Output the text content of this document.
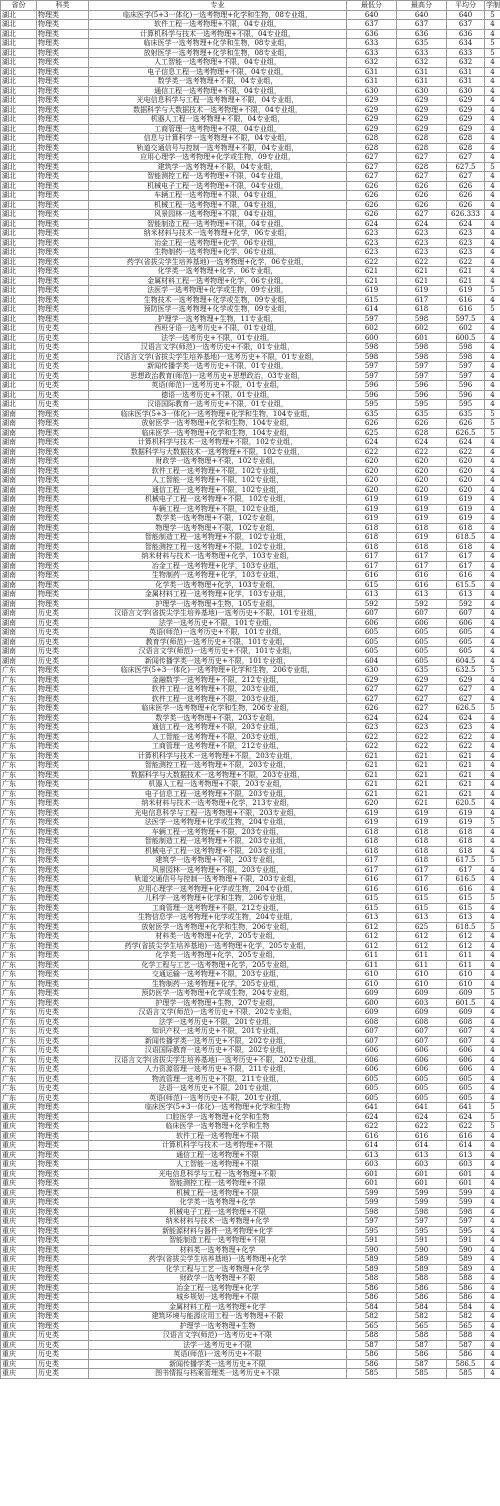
省份	科类	专业	最低分	最高分	平均分	学制
湖北	物理类	临床医学(5+3一体化)一选考物理+化学和生物，08专业组，	640	640	640	5
湖北	物理类	软件工程一选考物理+不限，04专业组，	637	637	637	4
湖北	物理类	计算机科学与技术一选考物理+不限，04专业组，	636	636	636	4
湖北	物理类	临床医学一选考物理+化学和生物，08专业组，	633	635	634	5
湖北	物理类	放射医学一选考物理+化学和生物，08专业组，	633	633	633	5
湖北	物理类	人工智能一选考物理+不限，04专业组，	632	632	632	4
湖北	物理类	电子信息工程一选考物理+不限，04专业组，	631	631	631	4
湖北	物理类	数学类一选考物理+不限，04专业组，	631	631	631	4
湖北	物理类	通信工程一选考物理+不限，04专业组，	630	630	630	4
湖北	物理类	光电信息科学与工程一选考物理+不限，04专业组，	629	629	629	4
湖北	物理类	数据科学与大数据技术一选考物理+不限，04专业组，	629	629	629	4
湖北	物理类	机器人工程一选考物理+不限，04专业组，	629	629	629	4
湖北	物理类	工商管理一选考物理+不限，04专业组，	629	629	629	4
湖北	物理类	信息与计算科学一选考物理+不限，04专业组，	628	628	628	4
湖北	物理类	轨道交通信号与控制一选考物理+不限，04专业组，	628	628	628	4
湖北	物理类	应用心理学一选考物理+化学或生物，09专业组，	627	627	627	4
湖北	物理类	建筑学一选考物理+不限，04专业组，	627	628	627.5	5
湖北	物理类	智能测控工程一选考物理+不限，04专业组，	627	627	627	4
湖北	物理类	机械电子工程一选考物理+不限，04专业组，	626	626	626	4
湖北	物理类	车辆工程一选考物理+不限，04专业组，	626	626	626	4
湖北	物理类	机械工程一选考物理+不限，04专业组，	626	626	626	4
湖北	物理类	风景园林一选考物理+不限，04专业组，	626	627	626.333	4
湖北	物理类	智能制造工程一选考物理+不限，04专业组，	624	624	624	4
湖北	物理类	纳米材料与技术一选考物理+化学，06专业组，	623	623	623	4
湖北	物理类	冶金工程一选考物理+化学，06专业组，	623	623	623	4
湖北	物理类	生物制药一选考物理+化学，06专业组，	623	623	623	4
湖北	物理类	药学(省拔尖学生培养基地)一选考物理+化学，06专业组，	622	622	622	4
湖北	物理类	化学类一选考物理+化学，06专业组，	621	621	621	4
湖北	物理类	金属材料工程一选考物理+化学，06专业组，	621	621	621	4
湖北	物理类	法医学一选考物理+化学或生物，09专业组，	619	619	619	5
湖北	物理类	生物技术一选考物理+化学或生物，09专业组，	615	617	616	4
湖北	物理类	预防医学一选考物理+化学或生物，09专业组，	614	618	616	5
湖北	物理类	护理学一选考物理+生物，11专业组，	597	598	597.5	4
湖北	历史类	西班牙语一选考历史+不限，01专业组，	602	602	602	4
湖北	历史类	法学一选考历史+不限，01专业组，	600	601	600.5	4
湖北	历史类	汉语言文学(师范)一选考历史+不限，01专业组，	598	598	598	4
湖北	历史类	汉语言文学(省拔尖学生培养基地)一选考历史+不限，01专业组，	598	598	598	4
湖北	历史类	新闻传播学类一选考历史+不限，01专业组，	597	597	597	4
湖北	历史类	思想政治教育(师范)一选考历史+思想政治，03专业组，	597	597	597	4
湖北	历史类	英语(师范)一选考历史+不限，01专业组，	596	596	596	4
湖北	历史类	德语一选考历史+不限，01专业组，	596	596	596	4
湖北	历史类	汉语国际教育一选考历史+不限，01专业组，	595	595	595	4
湖南	物理类	临床医学(5+3一体化)一选考物理+化学和生物，104专业组，	635	635	635	5
湖南	物理类	放射医学一选考物理+化学和生物，104专业组，	626	626	626	5
湖南	物理类	临床医学一选考物理+化学和生物，104专业组，	625	628	626.5	5
湖南	物理类	计算机科学与技术一选考物理+不限，102专业组，	624	624	624	4
湖南	物理类	数据科学与大数据技术一选考物理+不限，102专业组，	622	622	622	4
湖南	物理类	财政学一选考物理+不限，102专业组，	620	620	620	4
湖南	物理类	软件工程一选考物理+不限，102专业组，	620	620	620	4
湖南	物理类	人工智能一选考物理+不限，102专业组，	620	620	620	4
湖南	物理类	通信工程一选考物理+不限，102专业组，	620	620	620	4
湖南	物理类	机械电子工程一选考物理+不限，102专业组，	619	619	619	4
湖南	物理类	车辆工程一选考物理+不限，102专业组，	619	619	619	4
湖南	物理类	数学类一选考物理+不限，102专业组，	619	619	619	4
湖南	物理类	物理学一选考物理+不限，102专业组，	618	618	618	4
湖南	物理类	智能制造工程一选考物理+不限，102专业组，	618	619	618.5	4
湖南	物理类	智能测控工程一选考物理+不限，102专业组，	618	618	618	4
湖南	物理类	纳米材料与技术一选考物理+化学，103专业组，	617	617	617	4
湖南	物理类	冶金工程一选考物理+化学，103专业组，	617	617	617	4
湖南	物理类	生物制药一选考物理+化学，103专业组，	616	616	616	4
湖南	物理类	化学类一选考物理+化学，103专业组，	615	616	615.5	4
湖南	物理类	金属材料工程一选考物理+化学，103专业组，	613	613	613	4
湖南	物理类	护理学一选考物理+生物，105专业组，	592	592	592	4
湖南	历史类	汉语言文学(省拔尖学生培养基地)一选考历史+不限，101专业组，	607	607	607	4
湖南	历史类	法学一选考历史+不限，101专业组，	606	606	606	4
湖南	历史类	英语(师范)一选考历史+不限，101专业组，	605	605	605	4
湖南	历史类	教育学(师范)一选考历史+不限，101专业组，	605	605	605	4
湖南	历史类	汉语言文学(师范)一选考历史+不限，101专业组，	605	605	605	4
湖南	历史类	新闻传播学类一选考历史+不限，101专业组，	604	605	604.5	4
广东	物理类	临床医学(5+3一体化)一选考物理+化学和生物，206专业组，	630	635	632.5	5
广东	物理类	金融数学一选考物理+不限，212专业组，	629	629	629	4
广东	物理类	软件工程一选考物理+不限，203专业组，	627	627	627	4
广东	物理类	软件工程一选考物理+不限，203专业组，	627	627	627	4
广东	物理类	临床医学一选考物理+化学和生物，206专业组，	626	627	626.5	5
广东	物理类	数学类一选考物理+不限，203专业组，	624	624	624	4
广东	物理类	通信工程一选考物理+不限，203专业组，	623	623	623	4
广东	物理类	人工智能一选考物理+不限，203专业组，	622	622	622	4
广东	物理类	工商管理一选考物理+不限，212专业组，	622	622	622	4
广东	物理类	计算机科学与技术一选考物理+不限，203专业组，	621	621	621	4
广东	物理类	智能测控工程一选考物理+不限，203专业组，	621	621	621	4
广东	物理类	数据科学与大数据技术一选考物理+不限，203专业组，	621	621	621	4
广东	物理类	机器人工程一选考物理+不限，203专业组，	621	621	621	4
广东	物理类	电子信息工程一选考物理+不限，203专业组，	621	621	621	4
广东	物理类	纳米材料与技术一选考物理+化学，213专业组，	620	621	620.5	4
广东	物理类	光电信息科学与工程一选考物理+不限，203专业组，	619	619	619	4
广东	物理类	法医学一选考物理+化学或生物，204专业组，	619	619	619	5
广东	物理类	车辆工程一选考物理+不限，203专业组，	618	618	618	4
广东	物理类	智能制造工程一选考物理+不限，203专业组，	618	618	618	4
广东	物理类	机械电子工程一选考物理+不限，203专业组，	618	618	618	4
广东	物理类	建筑学一选考物理+不限，203专业组，	617	618	617.5	5
广东	物理类	风景园林一选考物理+不限，203专业组，	617	617	617	4
广东	物理类	轨道交通信号与控制一选考物理+不限，203专业组，	616	617	616.5	4
广东	物理类	应用心理学一选考物理+化学或生物，204专业组，	616	616	616	4
广东	物理类	儿科学一选考物理+化学和生物，206专业组，	615	615	615	5
广东	物理类	工商管理一选考物理+不限，212专业组，	615	615	615	4
广东	物理类	生物信息学一选考物理+化学或生物，204专业组，	613	613	613	4
广东	物理类	放射医学一选考物理+化学和生物，206专业组，	612	625	618.5	5
广东	物理类	材料类一选考物理+化学，205专业组，	612	612	612	4
广东	物理类	药学(省拔尖学生培养基地)一选考物理+化学，205专业组，	612	612	612	4
广东	物理类	化学类一选考物理+化学，205专业组，	611	611	611	4
广东	物理类	化学工程与工艺一选考物理+化学，205专业组，	611	611	611	4
广东	物理类	交通运输一选考物理+不限，203专业组，	610	610	610	4
广东	物理类	生物制药一选考物理+化学，205专业组，	610	610	610	4
广东	物理类	预防医学一选考物理+化学或生物，204专业组，	609	609	609	5
广东	物理类	护理学一选考物理+生物，207专业组，	600	603	601.5	4
广东	历史类	汉语言文学(师范)一选考历史+不限，202专业组，	609	609	609	4
广东	历史类	法学一选考历史+不限，201专业组，	608	608	608	4
广东	历史类	知识产权一选考历史+不限，201专业组，	607	607	607	4
广东	历史类	新闻传播学类一选考历史+不限，202专业组，	607	607	607	4
广东	历史类	汉语国际教育一选考历史+不限，202专业组，	606	606	606	4
广东	历史类	汉语言文学(省拔尖学生培养基地)一选考历史+不限，202专业组，	606	606	606	4
广东	历史类	人力资源管理一选考历史+不限，211专业组，	606	606	606	4
广东	历史类	物流管理一选考历史+不限，211专业组，	605	605	605	4
广东	历史类	法语一选考历史+不限，201专业组，	605	605	605	4
广东	历史类	英语(师范)一选考历史+不限，201专业组，	605	605	605	4
重庆	物理类	临床医学(5+3一体化)一选考物理+化学和生物	641	641	641	5
重庆	物理类	口腔医学一选考物理+化学和生物	624	624	624	5
重庆	物理类	临床医学一选考物理+化学和生物	622	622	622	5
重庆	物理类	软件工程一选考物理+不限	616	616	616	4
重庆	物理类	计算机科学与技术一选考物理+不限	614	614	614	4
重庆	物理类	通信工程一选考物理+不限	613	613	613	4
重庆	物理类	人工智能一选考物理+不限	603	603	603	4
重庆	物理类	光电信息科学与工程一选考物理+不限	601	601	601	4
重庆	物理类	智能测控工程一选考物理+不限	601	601	601	4
重庆	物理类	机械工程一选考物理+不限	599	599	599	4
重庆	物理类	化学类一选考物理+化学	599	599	599	4
重庆	物理类	机械电子工程一选考物理+不限	598	598	598	4
重庆	物理类	纳米材料与技术一选考物理+化学	597	597	597	4
重庆	物理类	新能源材料与器件一选考物理+化学	595	595	595	4
重庆	物理类	智能制造工程一选考物理+不限	591	591	591	4
重庆	物理类	材料类一选考物理+化学	590	590	590	4
重庆	物理类	药学(省拔尖学生培养基地)一选考物理+化学	589	589	589	4
重庆	物理类	化学工程与工艺一选考物理+化学	589	589	589	4
重庆	物理类	财政学一选考物理+不限	588	588	588	4
重庆	物理类	冶金工程一选考物理+化学	586	586	586	4
重庆	物理类	城乡规划一选考物理+不限	586	586	586	4
重庆	物理类	金属材料工程一选考物理+化学	584	584	584	4
重庆	物理类	建筑环境与能源应用工程一选考物理+不限	582	582	582	4
重庆	物理类	护理学一选考物理+生物	565	565	565	4
重庆	历史类	汉语言文学(师范)一选考历史+不限	588	588	588	4
重庆	历史类	法学一选考历史+不限	587	587	587	4
重庆	历史类	英语(师范)一选考历史+不限	586	586	586	4
重庆	历史类	新闻传播学类一选考历史+不限	586	587	586.5	4
重庆	历史类	图书情报与档案管理类一选考历史+不限	585	585	585	4
